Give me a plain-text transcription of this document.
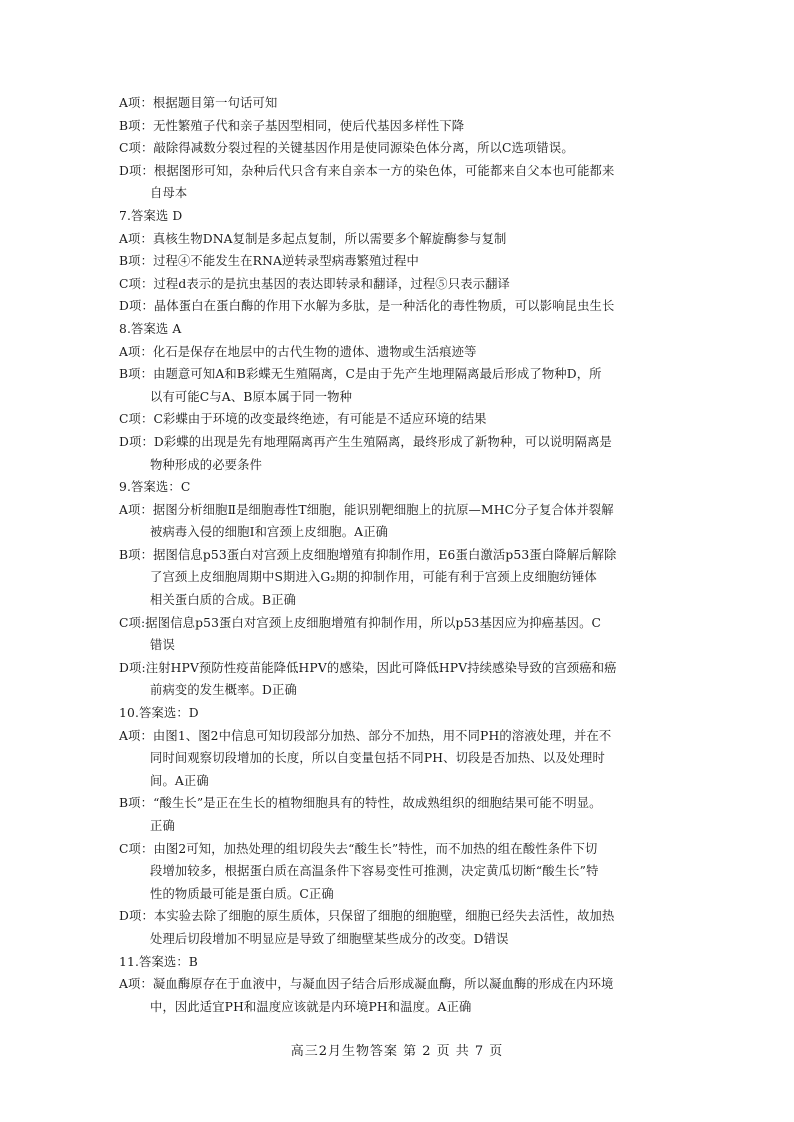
A项：根据题目第一句话可知
B项：无性繁殖子代和亲子基因型相同，使后代基因多样性下降
C项：敲除得减数分裂过程的关键基因作用是使同源染色体分离，所以C选项错误。
D项：根据图形可知，杂种后代只含有来自亲本一方的染色体，可能都来自父本也可能都来
自母本
7.答案选 D
A项：真核生物DNA复制是多起点复制，所以需要多个解旋酶参与复制
B项：过程④不能发生在RNA逆转录型病毒繁殖过程中
C项：过程d表示的是抗虫基因的表达即转录和翻译，过程⑤只表示翻译
D项：晶体蛋白在蛋白酶的作用下水解为多肽，是一种活化的毒性物质，可以影响昆虫生长
8.答案选 A
A项：化石是保存在地层中的古代生物的遗体、遗物或生活痕迹等
B项：由题意可知A和B彩蝶无生殖隔离，C是由于先产生地理隔离最后形成了物种D，所
以有可能C与A、B原本属于同一物种
C项：C彩蝶由于环境的改变最终绝迹，有可能是不适应环境的结果
D项：D彩蝶的出现是先有地理隔离再产生生殖隔离，最终形成了新物种，可以说明隔离是
物种形成的必要条件
9.答案选：C
A项：据图分析细胞Ⅱ是细胞毒性T细胞，能识别靶细胞上的抗原—MHC分子复合体并裂解
被病毒入侵的细胞Ⅰ和宫颈上皮细胞。A正确
B项：据图信息p53蛋白对宫颈上皮细胞增殖有抑制作用，E6蛋白激活p53蛋白降解后解除
了宫颈上皮细胞周期中S期进入G₂期的抑制作用，可能有利于宫颈上皮细胞纺锤体
相关蛋白质的合成。B正确
C项:据图信息p53蛋白对宫颈上皮细胞增殖有抑制作用，所以p53基因应为抑癌基因。C
错误
D项:注射HPV预防性疫苗能降低HPV的感染，因此可降低HPV持续感染导致的宫颈癌和癌
前病变的发生概率。D正确
10.答案选：D
A项：由图1、图2中信息可知切段部分加热、部分不加热，用不同PH的溶液处理，并在不
同时间观察切段增加的长度，所以自变量包括不同PH、切段是否加热、以及处理时
间。A正确
B项：“酸生长”是正在生长的植物细胞具有的特性，故成熟组织的细胞结果可能不明显。
正确
C项：由图2可知，加热处理的组切段失去“酸生长”特性，而不加热的组在酸性条件下切
段增加较多，根据蛋白质在高温条件下容易变性可推测，决定黄瓜切断“酸生长”特
性的物质最可能是蛋白质。C正确
D项：本实验去除了细胞的原生质体，只保留了细胞的细胞壁，细胞已经失去活性，故加热
处理后切段增加不明显应是导致了细胞壁某些成分的改变。D错误
11.答案选：B
A项：凝血酶原存在于血液中，与凝血因子结合后形成凝血酶，所以凝血酶的形成在内环境
中，因此适宜PH和温度应该就是内环境PH和温度。A正确
高三2月生物答案 第 2 页 共 7 页
